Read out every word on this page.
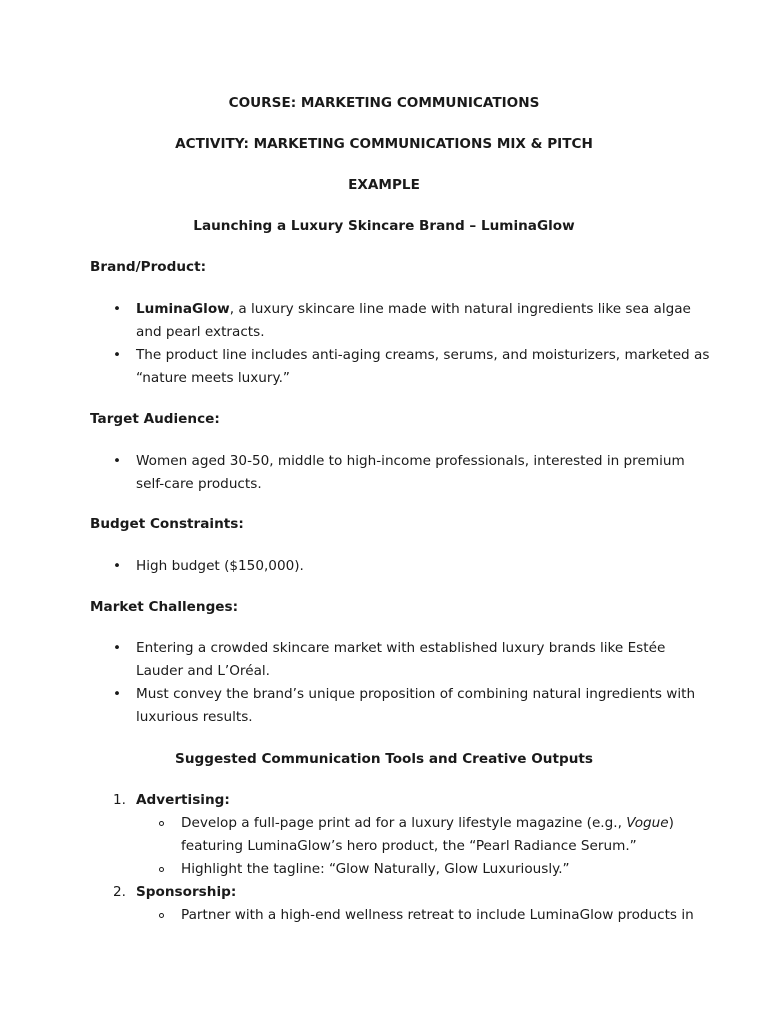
COURSE: MARKETING COMMUNICATIONS
ACTIVITY: MARKETING COMMUNICATIONS MIX & PITCH
EXAMPLE
Launching a Luxury Skincare Brand – LuminaGlow
Brand/Product:
• LuminaGlow, a luxury skincare line made with natural ingredients like sea algae
and pearl extracts.
• The product line includes anti-aging creams, serums, and moisturizers, marketed as
“nature meets luxury.”
Target Audience:
• Women aged 30-50, middle to high-income professionals, interested in premium
self-care products.
Budget Constraints:
• High budget ($150,000).
Market Challenges:
• Entering a crowded skincare market with established luxury brands like Estée
Lauder and L’Oréal.
• Must convey the brand’s unique proposition of combining natural ingredients with
luxurious results.
Suggested Communication Tools and Creative Outputs
1. Advertising:
Develop a full-page print ad for a luxury lifestyle magazine (e.g., Vogue)
featuring LuminaGlow’s hero product, the “Pearl Radiance Serum.”
Highlight the tagline: “Glow Naturally, Glow Luxuriously.”
2. Sponsorship:
Partner with a high-end wellness retreat to include LuminaGlow products in
